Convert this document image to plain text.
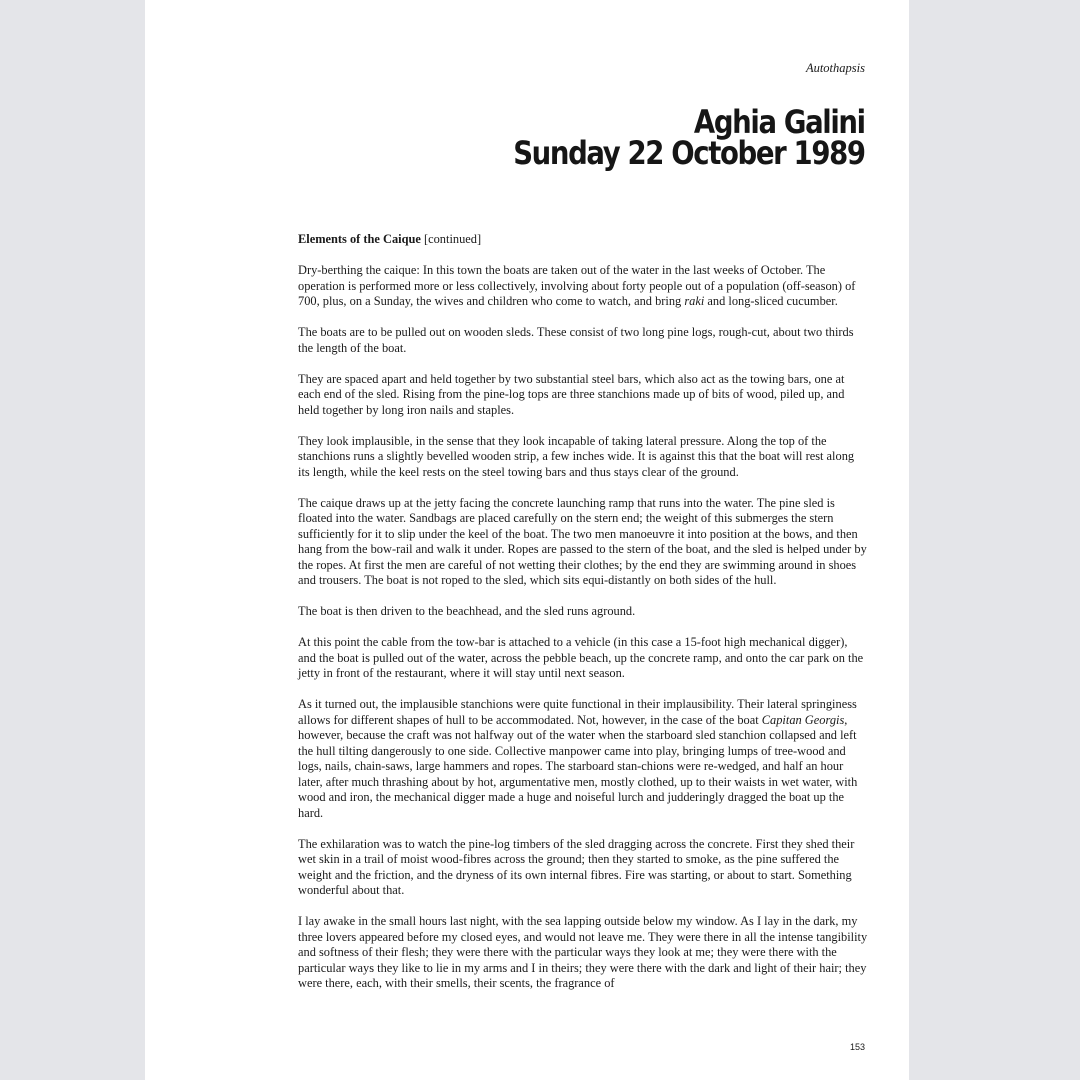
Autothapsis
Aghia Galini
Sunday 22 October 1989

Elements of the Caique [continued]

Dry-berthing the caique: In this town the boats are taken out of the water in the last weeks of October. The operation is performed more or less collectively, involving about forty people out of a population (off-season) of 700, plus, on a Sunday, the wives and children who come to watch, and bring raki and long-sliced cucumber.

The boats are to be pulled out on wooden sleds. These consist of two long pine logs, rough-cut, about two thirds the length of the boat.

They are spaced apart and held together by two substantial steel bars, which also act as the towing bars, one at each end of the sled. Rising from the pine-log tops are three stanchions made up of bits of wood, piled up, and held together by long iron nails and staples.

They look implausible, in the sense that they look incapable of taking lateral pressure. Along the top of the stanchions runs a slightly bevelled wooden strip, a few inches wide. It is against this that the boat will rest along its length, while the keel rests on the steel towing bars and thus stays clear of the ground.

The caique draws up at the jetty facing the concrete launching ramp that runs into the water. The pine sled is floated into the water. Sandbags are placed carefully on the stern end; the weight of this submerges the stern sufficiently for it to slip under the keel of the boat. The two men manoeuvre it into position at the bows, and then hang from the bow-rail and walk it under. Ropes are passed to the stern of the boat, and the sled is helped under by the ropes. At first the men are careful of not wetting their clothes; by the end they are swimming around in shoes and trousers. The boat is not roped to the sled, which sits equi-distantly on both sides of the hull.

The boat is then driven to the beachhead, and the sled runs aground.

At this point the cable from the tow-bar is attached to a vehicle (in this case a 15-foot high mechanical digger), and the boat is pulled out of the water, across the pebble beach, up the concrete ramp, and onto the car park on the jetty in front of the restaurant, where it will stay until next season.

As it turned out, the implausible stanchions were quite functional in their implausibility. Their lateral springiness allows for different shapes of hull to be accommodated. Not, however, in the case of the boat Capitan Georgis, however, because the craft was not halfway out of the water when the starboard sled stanchion collapsed and left the hull tilting dangerously to one side. Collective manpower came into play, bringing lumps of tree-wood and logs, nails, chain-saws, large hammers and ropes. The starboard stan-chions were re-wedged, and half an hour later, after much thrashing about by hot, argumentative men, mostly clothed, up to their waists in wet water, with wood and iron, the mechanical digger made a huge and noiseful lurch and judderingly dragged the boat up the hard.

The exhilaration was to watch the pine-log timbers of the sled dragging across the concrete. First they shed their wet skin in a trail of moist wood-fibres across the ground; then they started to smoke, as the pine suffered the weight and the friction, and the dryness of its own internal fibres. Fire was starting, or about to start. Something wonderful about that.

I lay awake in the small hours last night, with the sea lapping outside below my window. As I lay in the dark, my three lovers appeared before my closed eyes, and would not leave me. They were there in all the intense tangibility and softness of their flesh; they were there with the particular ways they look at me; they were there with the particular ways they like to lie in my arms and I in theirs; they were there with the dark and light of their hair; they were there, each, with their smells, their scents, the fragrance of

153
